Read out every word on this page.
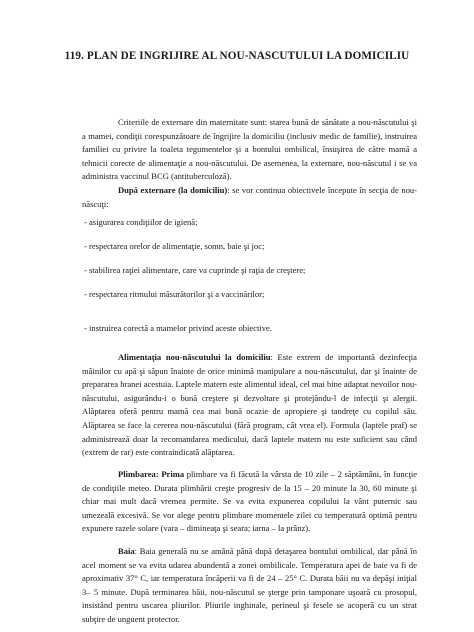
119. PLAN DE INGRIJIRE AL NOU-NASCUTULUI LA DOMICILIU

Criteriile de externare din maternitate sunt: starea bună de sănătate a nou-născutului şi a mamei, condiţii corespunzătoare de îngrijire la domiciliu (inclusiv medic de familie), instruirea familiei cu privire la toaleta tegumentelor şi a bontului ombilical, însuşirea de către mamă a tehnicii corecte de alimentaţie a nou-născutului. De asemenea, la externare, nou-născutul i se va administra vaccinul BCG (antituberculoză).

După externare (la domiciliu): se vor continua obiectivele începute în secţia de nou-născuţi:

- asigurarea condiţiilor de igienă;

- respectarea orelor de alimentaţie, somn, baie şi joc;

- stabilirea raţiei alimentare, care va cuprinde şi raţia de creştere;

- respectarea ritmului măsurătorilor şi a vaccinărilor;

- instruirea corectă a mamelor privind aceste obiective.

Alimentaţia nou-născutului la domiciliu: Este extrem de importantă dezinfecţia mâinilor cu apă şi săpun înainte de orice minimă manipulare a nou-născutului, dar şi înainte de prepararea hranei acestuia. Laptele matern este alimentul ideal, cel mai bine adaptat nevoilor nou-născutului, asigurându-i o bună creştere şi dezvoltare şi protejându-l de infecţii şi alergii. Alăptarea oferă pentru mamă cea mai bună ocazie de apropiere şi tandreţe cu copilul său. Alăptarea se face la cererea nou-născutului (fără program, cât vrea el). Formula (laptele praf) se administrează doar la recomandarea medicului, dacă laptele matern nu este suficient sau când (extrem de rar) este contraindicată alăptarea.

Plimbarea: Prima plimbare va fi făcută la vârsta de 10 zile – 2 săptămâni, în funcţie de condiţiile meteo. Durata plimbării creşte progresiv de la 15 – 20 minute la 30, 60 minute şi chiar mai mult dacă vremea permite. Se va evita expunerea copilului la vânt puternic sau umezeală excesivă. Se vor alege pentru plimbare momentele zilei cu temperatură optimă pentru expunere razele solare (vara – dimineaţa şi seara; iarna – la prânz).

Baia: Baia generală nu se amână până după detaşarea bontului ombilical, dar până în acel moment se va evita udarea abundentă a zonei ombilicale. Temperatura apei de baie va fi de aproximativ 37° C, iar temperatura încăperii va fi de 24 – 25° C. Durata băii nu va depăşi iniţial 3– 5 minute. După terminarea băii, nou-născutul se şterge prin tamponare uşoară cu prosopul, insistând pentru uscarea pliurilor. Pliurile inghinale, perineul şi fesele se acoperă cu un strat subţire de unguent protector.
